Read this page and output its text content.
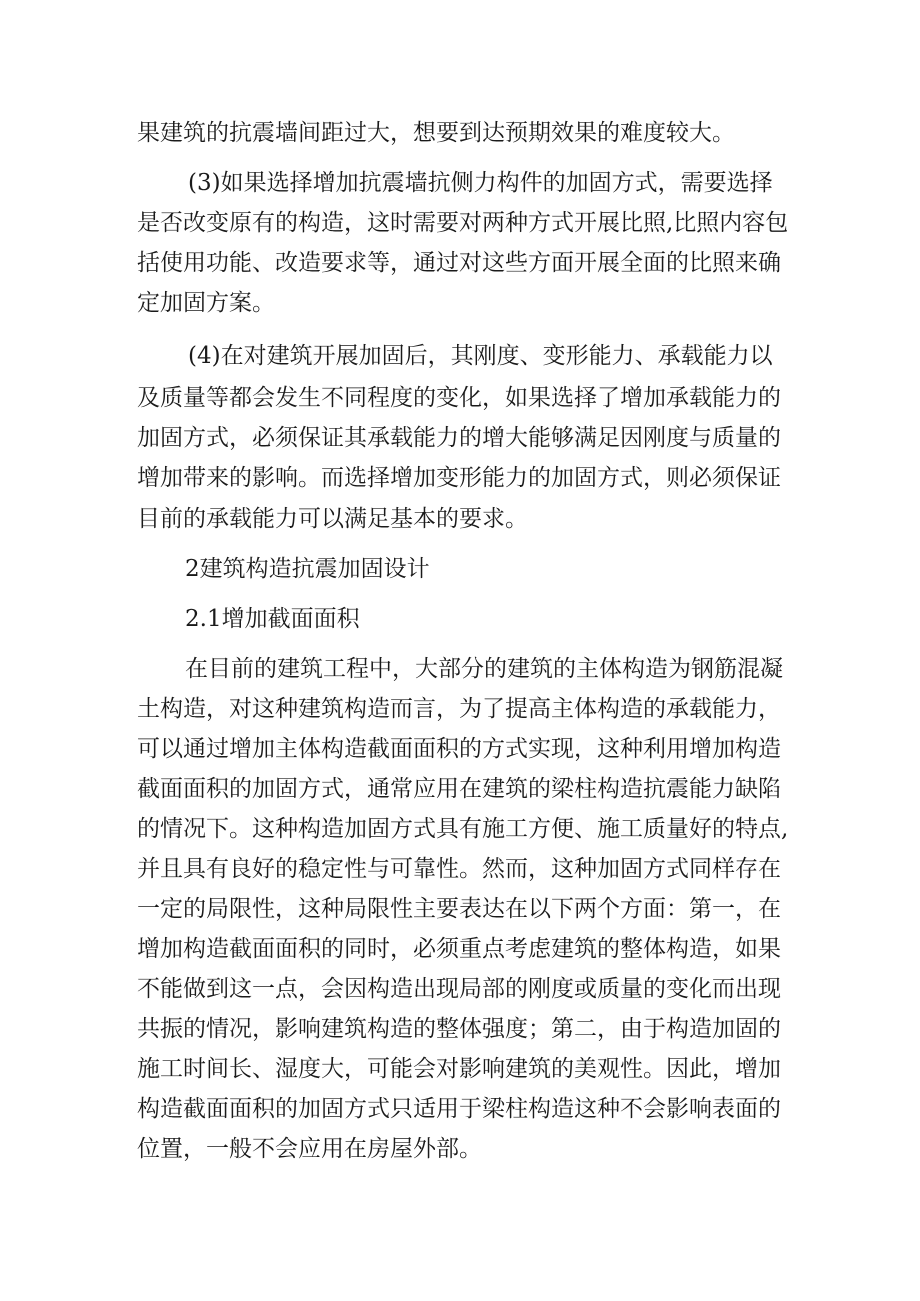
果建筑的抗震墙间距过大，想要到达预期效果的难度较大。

(3)如果选择增加抗震墙抗侧力构件的加固方式，需要选择

是否改变原有的构造，这时需要对两种方式开展比照,比照内容包

括使用功能、改造要求等，通过对这些方面开展全面的比照来确

定加固方案。

(4)在对建筑开展加固后，其刚度、变形能力、承载能力以

及质量等都会发生不同程度的变化，如果选择了增加承载能力的

加固方式，必须保证其承载能力的增大能够满足因刚度与质量的

增加带来的影响。而选择增加变形能力的加固方式，则必须保证

目前的承载能力可以满足基本的要求。

2建筑构造抗震加固设计

2.1增加截面面积

在目前的建筑工程中，大部分的建筑的主体构造为钢筋混凝

土构造，对这种建筑构造而言，为了提高主体构造的承载能力，

可以通过增加主体构造截面面积的方式实现，这种利用增加构造

截面面积的加固方式，通常应用在建筑的梁柱构造抗震能力缺陷

的情况下。这种构造加固方式具有施工方便、施工质量好的特点,

并且具有良好的稳定性与可靠性。然而，这种加固方式同样存在

一定的局限性，这种局限性主要表达在以下两个方面：第一，在

增加构造截面面积的同时，必须重点考虑建筑的整体构造，如果

不能做到这一点，会因构造出现局部的刚度或质量的变化而出现

共振的情况，影响建筑构造的整体强度；第二，由于构造加固的

施工时间长、湿度大，可能会对影响建筑的美观性。因此，增加

构造截面面积的加固方式只适用于梁柱构造这种不会影响表面的

位置，一般不会应用在房屋外部。
